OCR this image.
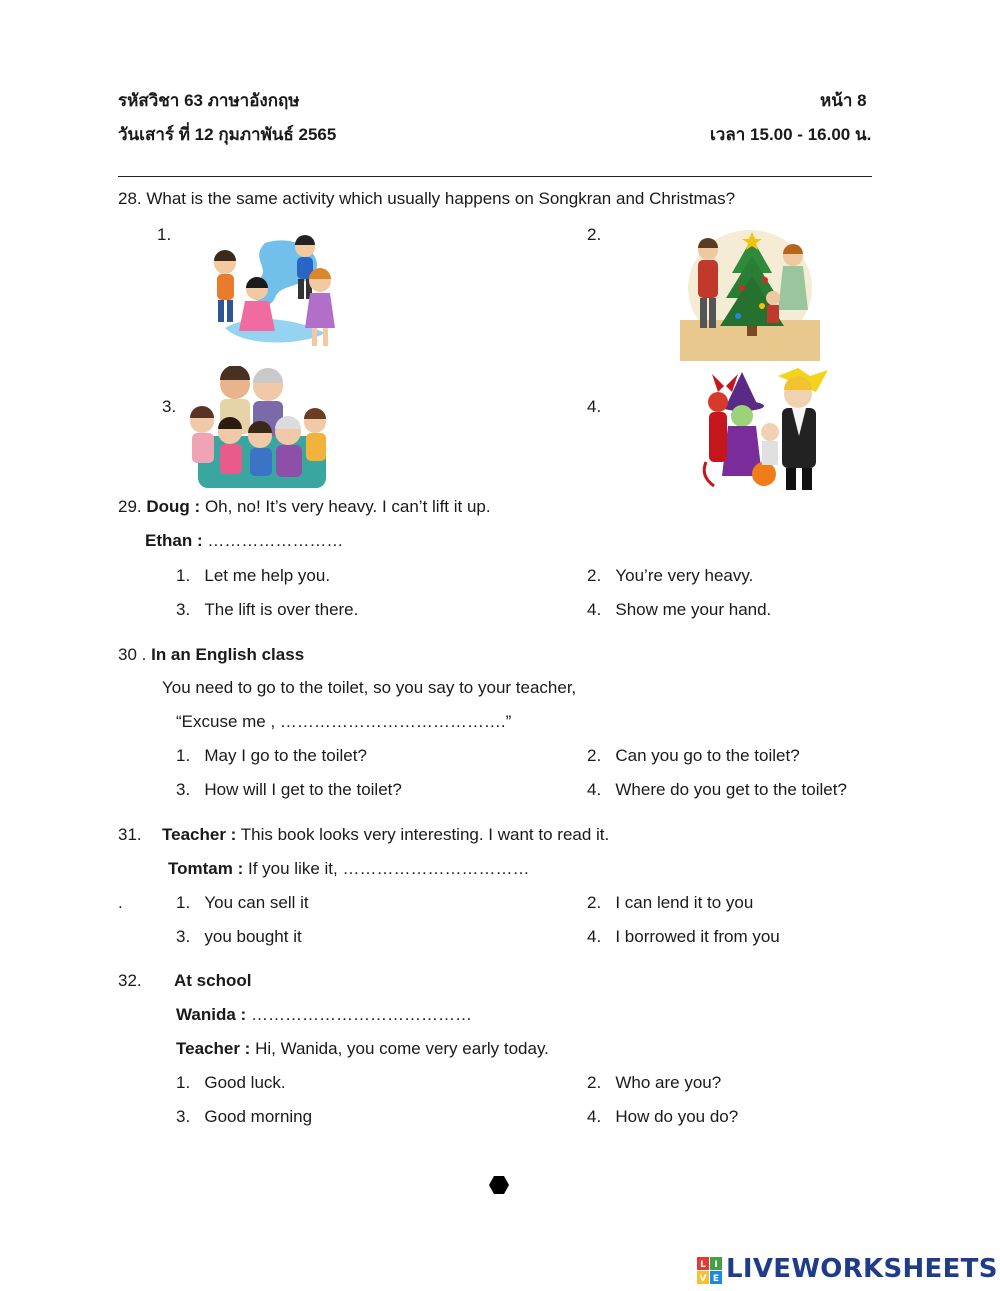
รหัสวิชา 63 ภาษาอังกฤษ	หน้า 8
วันเสาร์ ที่ 12 กุมภาพันธ์ 2565	เวลา 15.00 - 16.00 น.
28. What is the same activity which usually happens on Songkran and Christmas?
1.	2.
3.	4.
29. Doug : Oh, no! It’s very heavy. I can’t lift it up.
Ethan : ……………………
1. Let me help you.	2. You’re very heavy.
3. The lift is over there.	4. Show me your hand.
30 . In an English class
You need to go to the toilet, so you say to your teacher,
“Excuse me , ………………………………….”
1. May I go to the toilet?	2. Can you go to the toilet?
3. How will I get to the toilet?	4. Where do you get to the toilet?
31. Teacher : This book looks very interesting. I want to read it.
Tomtam : If you like it, ……………………………
.	1. You can sell it	2. I can lend it to you
3. you bought it	4. I borrowed it from you
32. At school
Wanida : …………………………………
Teacher : Hi, Wanida, you come very early today.
1. Good luck.	2. Who are you?
3. Good morning	4. How do you do?
L I
V E LIVEWORKSHEETS
